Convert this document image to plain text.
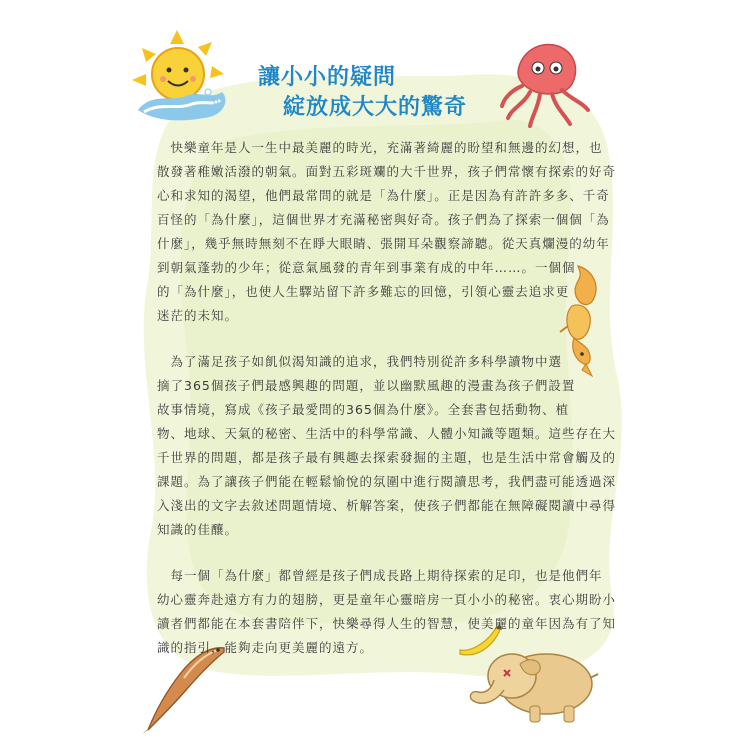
讓小小的疑問
綻放成大大的驚奇
　快樂童年是人一生中最美麗的時光，充滿著綺麗的盼望和無邊的幻想，也
散發著稚嫩活潑的朝氣。面對五彩斑斕的大千世界，孩子們常懷有探索的好奇
心和求知的渴望，他們最常問的就是「為什麼」。正是因為有許許多多、千奇
百怪的「為什麼」，這個世界才充滿秘密與好奇。孩子們為了探索一個個「為
什麼」，幾乎無時無刻不在睜大眼睛、張開耳朵觀察諦聽。從天真爛漫的幼年
到朝氣蓬勃的少年；從意氣風發的青年到事業有成的中年……。一個個
的「為什麼」，也使人生驛站留下許多難忘的回憶，引領心靈去追求更
迷茫的未知。
　為了滿足孩子如飢似渴知識的追求，我們特別從許多科學讀物中選
摘了365個孩子們最感興趣的問題，並以幽默風趣的漫畫為孩子們設置
故事情境，寫成《孩子最愛問的365個為什麼》。全套書包括動物、植
物、地球、天氣的秘密、生活中的科學常識、人體小知識等題類。這些存在大
千世界的問題，都是孩子最有興趣去探索發掘的主題，也是生活中常會觸及的
課題。為了讓孩子們能在輕鬆愉悅的氛圍中進行閱讀思考，我們盡可能透過深
入淺出的文字去敘述問題情境、析解答案，使孩子們都能在無障礙閱讀中尋得
知識的佳釀。
　每一個「為什麼」都曾經是孩子們成長路上期待探索的足印，也是他們年
幼心靈奔赴遠方有力的翅膀，更是童年心靈暗房一頁小小的秘密。衷心期盼小
讀者們都能在本套書陪伴下，快樂尋得人生的智慧，使美麗的童年因為有了知
識的指引，能夠走向更美麗的遠方。
